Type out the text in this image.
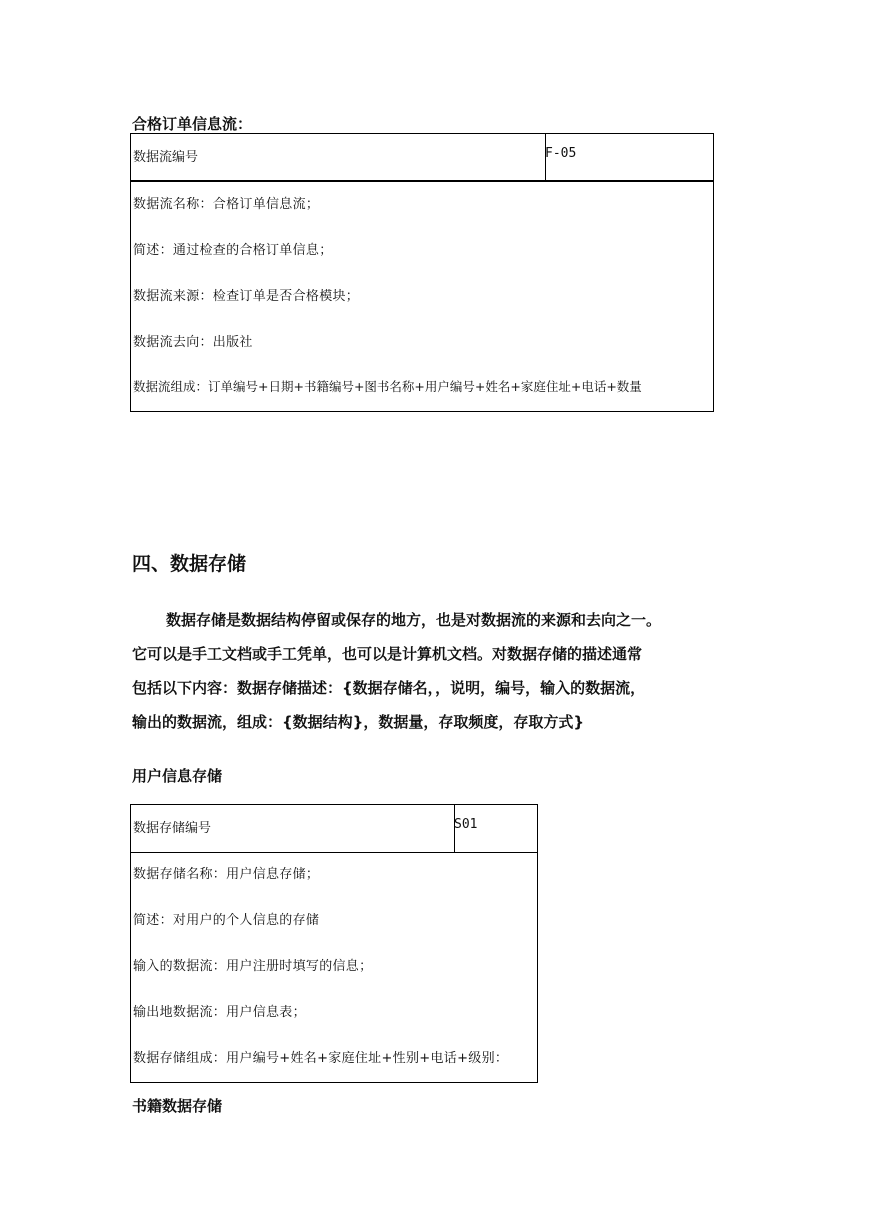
合格订单信息流：
数据流编号	F-05
数据流名称：合格订单信息流；
简述：通过检查的合格订单信息；
数据流来源：检查订单是否合格模块；
数据流去向：出版社
数据流组成：订单编号+日期+书籍编号+图书名称+用户编号+姓名+家庭住址+电话+数量
四、数据存储
数据存储是数据结构停留或保存的地方，也是对数据流的来源和去向之一。
它可以是手工文档或手工凭单，也可以是计算机文档。对数据存储的描述通常
包括以下内容：数据存储描述：{数据存储名，，说明，编号，输入的数据流，
输出的数据流，组成：{数据结构}，数据量，存取频度，存取方式}
用户信息存储
数据存储编号	S01
数据存储名称：用户信息存储；
简述：对用户的个人信息的存储
输入的数据流：用户注册时填写的信息；
输出地数据流：用户信息表；
数据存储组成：用户编号+姓名+家庭住址+性别+电话+级别：
书籍数据存储
